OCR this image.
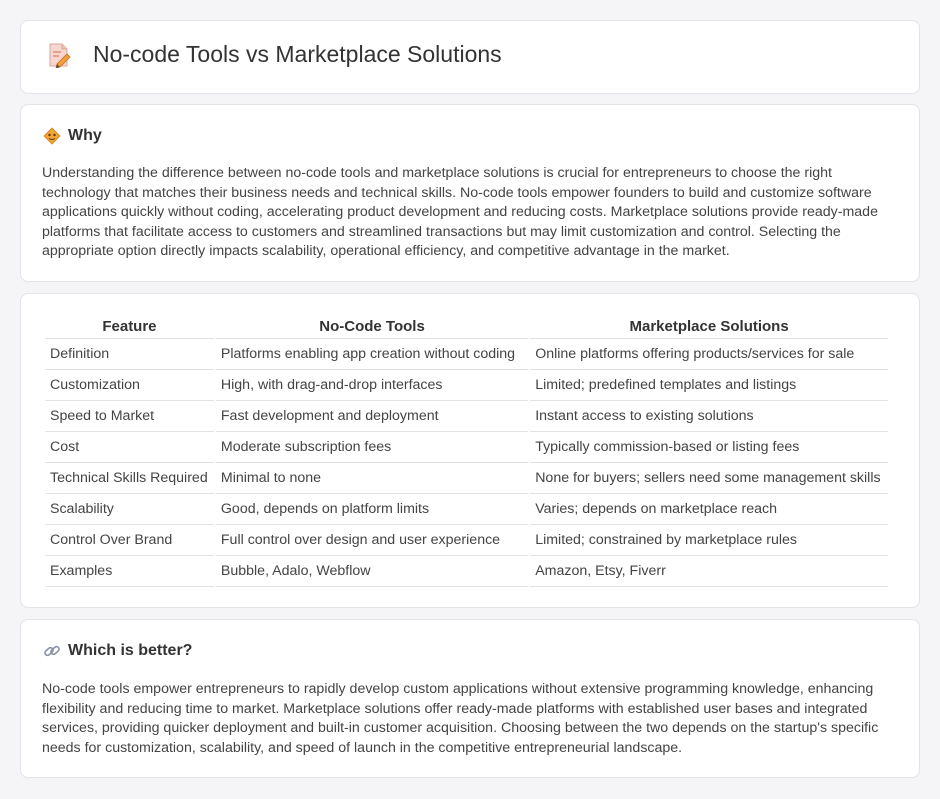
No-code Tools vs Marketplace Solutions
Why

Understanding the difference between no-code tools and marketplace solutions is crucial for entrepreneurs to choose the right technology that matches their business needs and technical skills. No-code tools empower founders to build and customize software applications quickly without coding, accelerating product development and reducing costs. Marketplace solutions provide ready-made platforms that facilitate access to customers and streamlined transactions but may limit customization and control. Selecting the appropriate option directly impacts scalability, operational efficiency, and competitive advantage in the market.

Feature	No-Code Tools	Marketplace Solutions
Definition	Platforms enabling app creation without coding	Online platforms offering products/services for sale
Customization	High, with drag-and-drop interfaces	Limited; predefined templates and listings
Speed to Market	Fast development and deployment	Instant access to existing solutions
Cost	Moderate subscription fees	Typically commission-based or listing fees
Technical Skills Required	Minimal to none	None for buyers; sellers need some management skills
Scalability	Good, depends on platform limits	Varies; depends on marketplace reach
Control Over Brand	Full control over design and user experience	Limited; constrained by marketplace rules
Examples	Bubble, Adalo, Webflow	Amazon, Etsy, Fiverr
Which is better?

No-code tools empower entrepreneurs to rapidly develop custom applications without extensive programming knowledge, enhancing flexibility and reducing time to market. Marketplace solutions offer ready-made platforms with established user bases and integrated services, providing quicker deployment and built-in customer acquisition. Choosing between the two depends on the startup's specific needs for customization, scalability, and speed of launch in the competitive entrepreneurial landscape.
